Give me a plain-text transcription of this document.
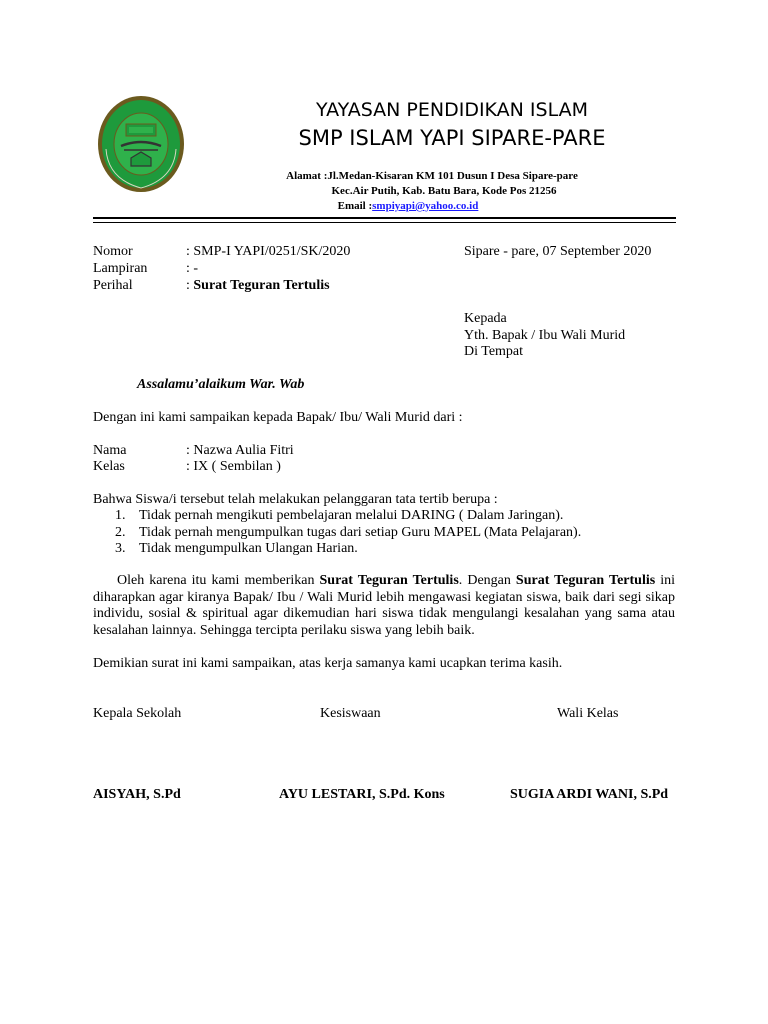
YAYASAN PENDIDIKAN ISLAM
SMP ISLAM YAPI SIPARE-PARE
Alamat :Jl.Medan-Kisaran KM 101 Dusun I Desa Sipare-pare
Kec.Air Putih, Kab. Batu Bara, Kode Pos 21256
Email :smpiyapi@yahoo.co.id
Nomor	: SMP-I YAPI/0251/SK/2020	Sipare - pare, 07 September 2020
Lampiran	: -
Perihal	: Surat Teguran Tertulis
Kepada
Yth. Bapak / Ibu Wali Murid
Di Tempat
Assalamu’alaikum War. Wab
Dengan ini kami sampaikan kepada Bapak/ Ibu/ Wali Murid dari :
Nama	: Nazwa Aulia Fitri
Kelas	: IX ( Sembilan )
Bahwa Siswa/i tersebut telah melakukan pelanggaran tata tertib berupa :
1. Tidak pernah mengikuti pembelajaran melalui DARING ( Dalam Jaringan).
2. Tidak pernah mengumpulkan tugas dari setiap Guru MAPEL (Mata Pelajaran).
3. Tidak mengumpulkan Ulangan Harian.
Oleh karena itu kami memberikan Surat Teguran Tertulis. Dengan Surat Teguran Tertulis ini diharapkan agar kiranya Bapak/ Ibu / Wali Murid lebih mengawasi kegiatan siswa, baik dari segi sikap individu, sosial & spiritual agar dikemudian hari siswa tidak mengulangi kesalahan yang sama atau kesalahan lainnya. Sehingga tercipta perilaku siswa yang lebih baik.
Demikian surat ini kami sampaikan, atas kerja samanya kami ucapkan terima kasih.
Kepala Sekolah	Kesiswaan	Wali Kelas
AISYAH, S.Pd	AYU LESTARI, S.Pd. Kons	SUGIA ARDI WANI, S.Pd
